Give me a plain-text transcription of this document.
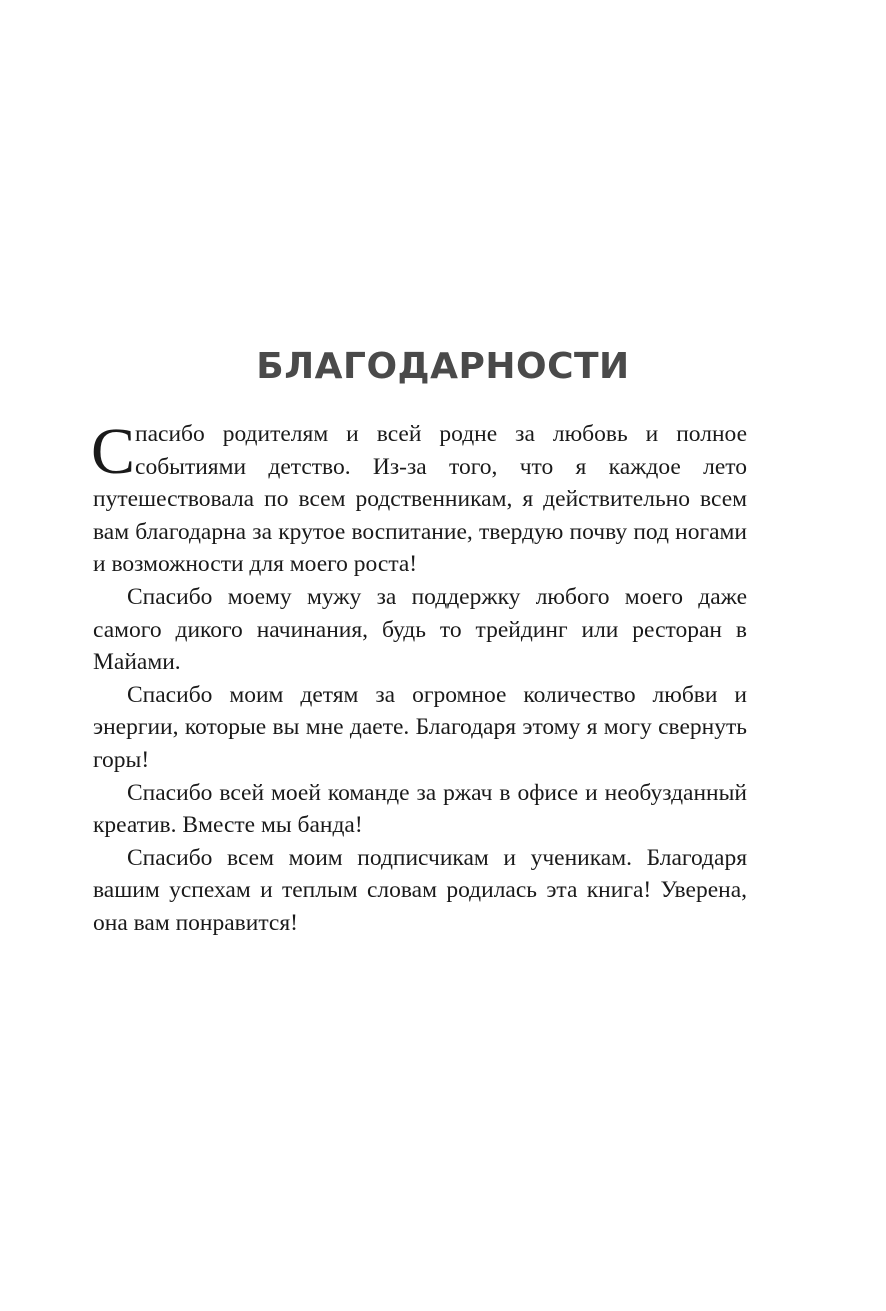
БЛАГОДАРНОСТИ

Спасибо родителям и всей родне за любовь и полное событиями детство. Из-за того, что я каждое лето путешествовала по всем родственникам, я действительно всем вам благодарна за крутое воспитание, твердую почву под ногами и возможности для моего роста!

Спасибо моему мужу за поддержку любого моего даже самого дикого начинания, будь то трейдинг или ресторан в Майами.

Спасибо моим детям за огромное количество любви и энергии, которые вы мне даете. Благодаря этому я могу свернуть горы!

Спасибо всей моей команде за ржач в офисе и необузданный креатив. Вместе мы банда!

Спасибо всем моим подписчикам и ученикам. Благодаря вашим успехам и теплым словам родилась эта книга! Уверена, она вам понравится!
